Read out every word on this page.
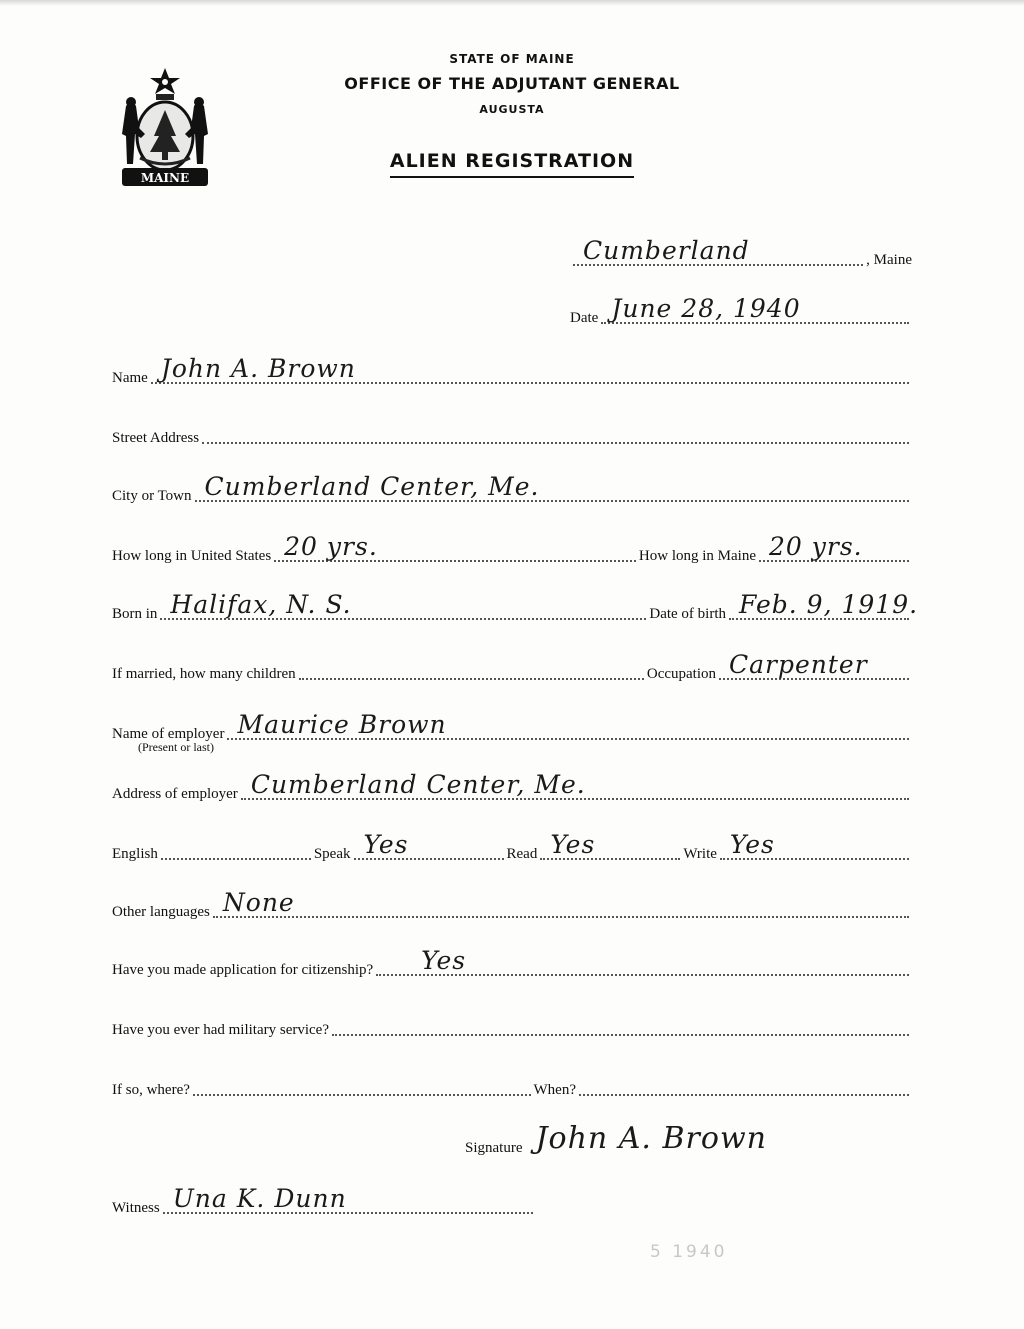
MAINE
STATE OF MAINE
OFFICE OF THE ADJUTANT GENERAL
AUGUSTA
ALIEN REGISTRATION
Cumberland	, Maine
Date June 28, 1940
Name John A. Brown
Street Address
City or Town Cumberland Center, Me.
How long in United States 20 yrs.	How long in Maine 20 yrs.
Born in Halifax, N. S.	Date of birth Feb. 9, 1919.
If married, how many children	Occupation Carpenter
Name of employer Maurice Brown
(Present or last)
Address of employer Cumberland Center, Me.
English	Speak Yes	Read Yes	Write Yes
Other languages None
Have you made application for citizenship? Yes
Have you ever had military service?
If so, where?	When?
Signature John A. Brown
Witness Una K. Dunn
5 1940
